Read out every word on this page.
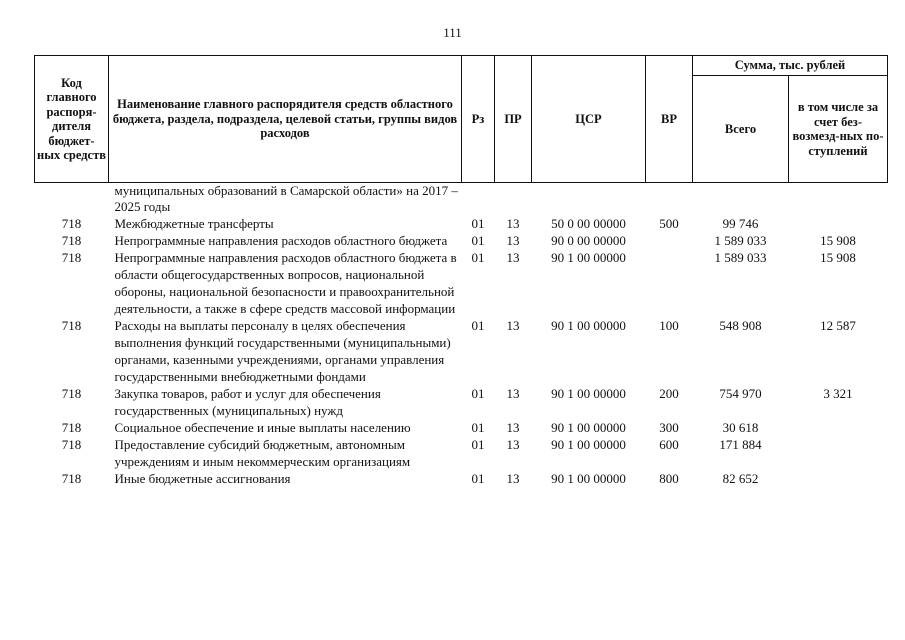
111
Код главного распоря-дителя бюджет-ных средств	Наименование главного распорядителя средств областного бюджета, раздела, подраздела, целевой статьи, группы видов расходов	Рз	ПР	ЦСР	ВР	Сумма, тыс. рублей	
						Всего	в том числе за счет без-возмезд-ных по-ступлений
	муниципальных образований в Самарской области» на 2017 – 2025 годы						
718	Межбюджетные трансферты	01	13	50 0 00 00000	500	99 746	
718	Непрограммные направления расходов областного бюджета	01	13	90 0 00 00000		1 589 033	15 908
718	Непрограммные направления расходов областного бюджета в области общегосударственных вопросов, национальной обороны, национальной безопасности и правоохранительной деятельности, а также в сфере средств массовой информации	01	13	90 1 00 00000		1 589 033	15 908
718	Расходы на выплаты персоналу в целях обеспечения выполнения функций государственными (муниципальными) органами, казенными учреждениями, органами управления государственными внебюджетными фондами	01	13	90 1 00 00000	100	548 908	12 587
718	Закупка товаров, работ и услуг для обеспечения государственных (муниципальных) нужд	01	13	90 1 00 00000	200	754 970	3 321
718	Социальное обеспечение и иные выплаты населению	01	13	90 1 00 00000	300	30 618	
718	Предоставление субсидий бюджетным, автономным учреждениям и иным некоммерческим организациям	01	13	90 1 00 00000	600	171 884	
718	Иные бюджетные ассигнования	01	13	90 1 00 00000	800	82 652	
